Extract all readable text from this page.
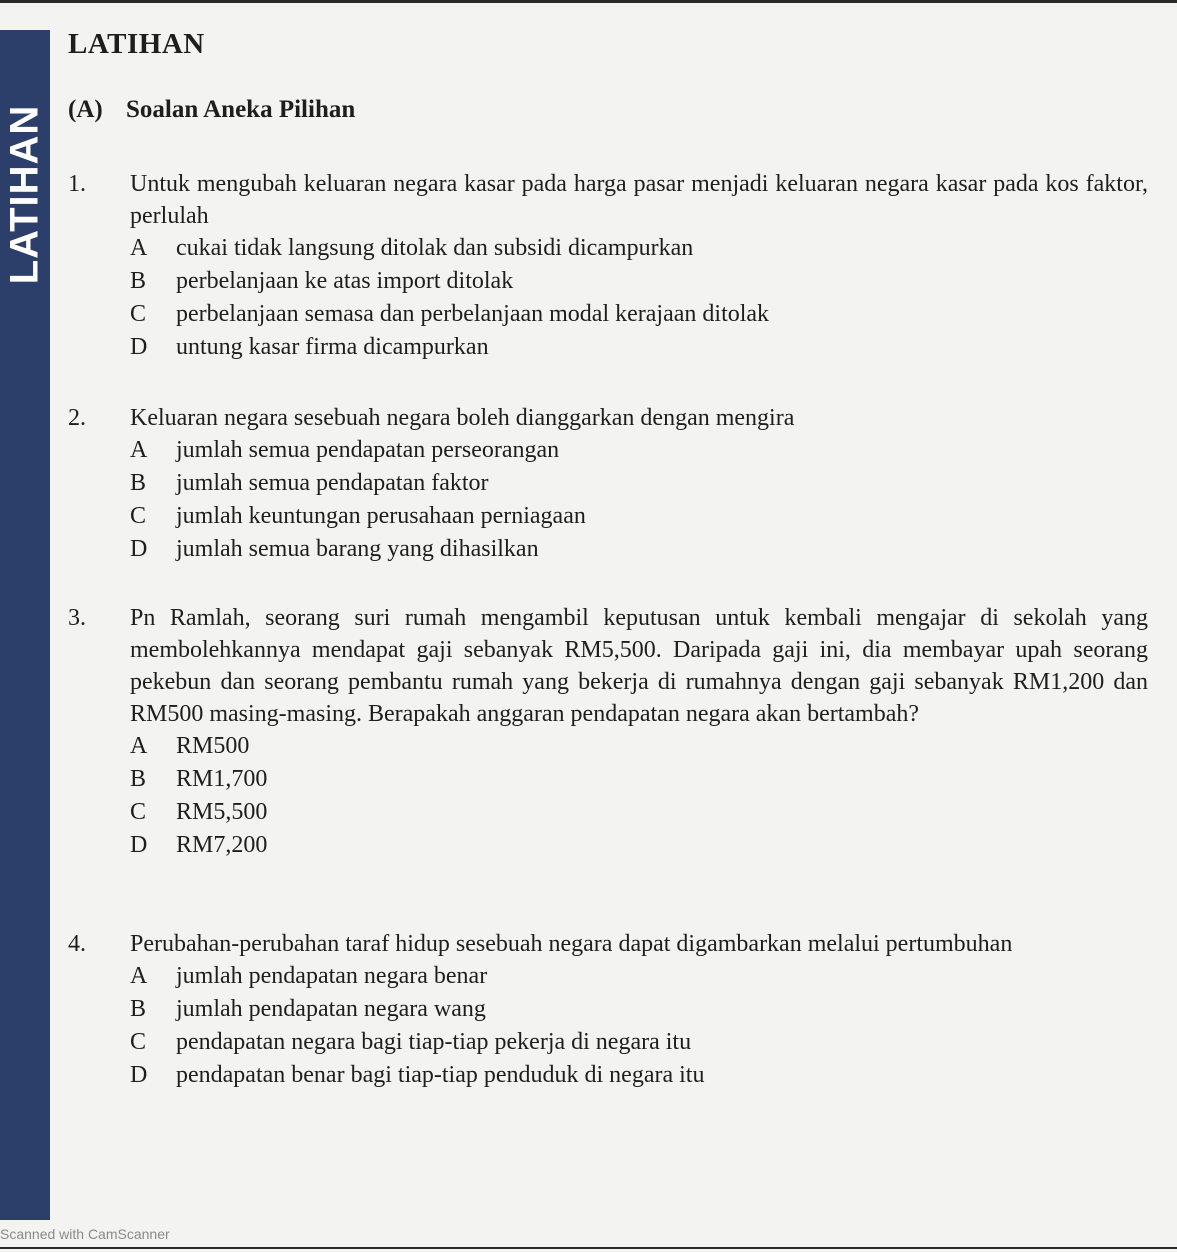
LATIHAN
LATIHAN
(A) Soalan Aneka Pilihan
1.	Untuk mengubah keluaran negara kasar pada harga pasar menjadi keluaran negara kasar pada kos faktor, perlulah
A	cukai tidak langsung ditolak dan subsidi dicampurkan
B	perbelanjaan ke atas import ditolak
C	perbelanjaan semasa dan perbelanjaan modal kerajaan ditolak
D	untung kasar firma dicampurkan
2.	Keluaran negara sesebuah negara boleh dianggarkan dengan mengira
A	jumlah semua pendapatan perseorangan
B	jumlah semua pendapatan faktor
C	jumlah keuntungan perusahaan perniagaan
D	jumlah semua barang yang dihasilkan
3.	Pn Ramlah, seorang suri rumah mengambil keputusan untuk kembali mengajar di sekolah yang membolehkannya mendapat gaji sebanyak RM5,500. Daripada gaji ini, dia membayar upah seorang pekebun dan seorang pembantu rumah yang bekerja di rumahnya dengan gaji sebanyak RM1,200 dan RM500 masing-masing. Berapakah anggaran pendapatan negara akan bertambah?
A	RM500
B	RM1,700
C	RM5,500
D	RM7,200
4.	Perubahan-perubahan taraf hidup sesebuah negara dapat digambarkan melalui pertumbuhan
A	jumlah pendapatan negara benar
B	jumlah pendapatan negara wang
C	pendapatan negara bagi tiap-tiap pekerja di negara itu
D	pendapatan benar bagi tiap-tiap penduduk di negara itu
Scanned with CamScanner
